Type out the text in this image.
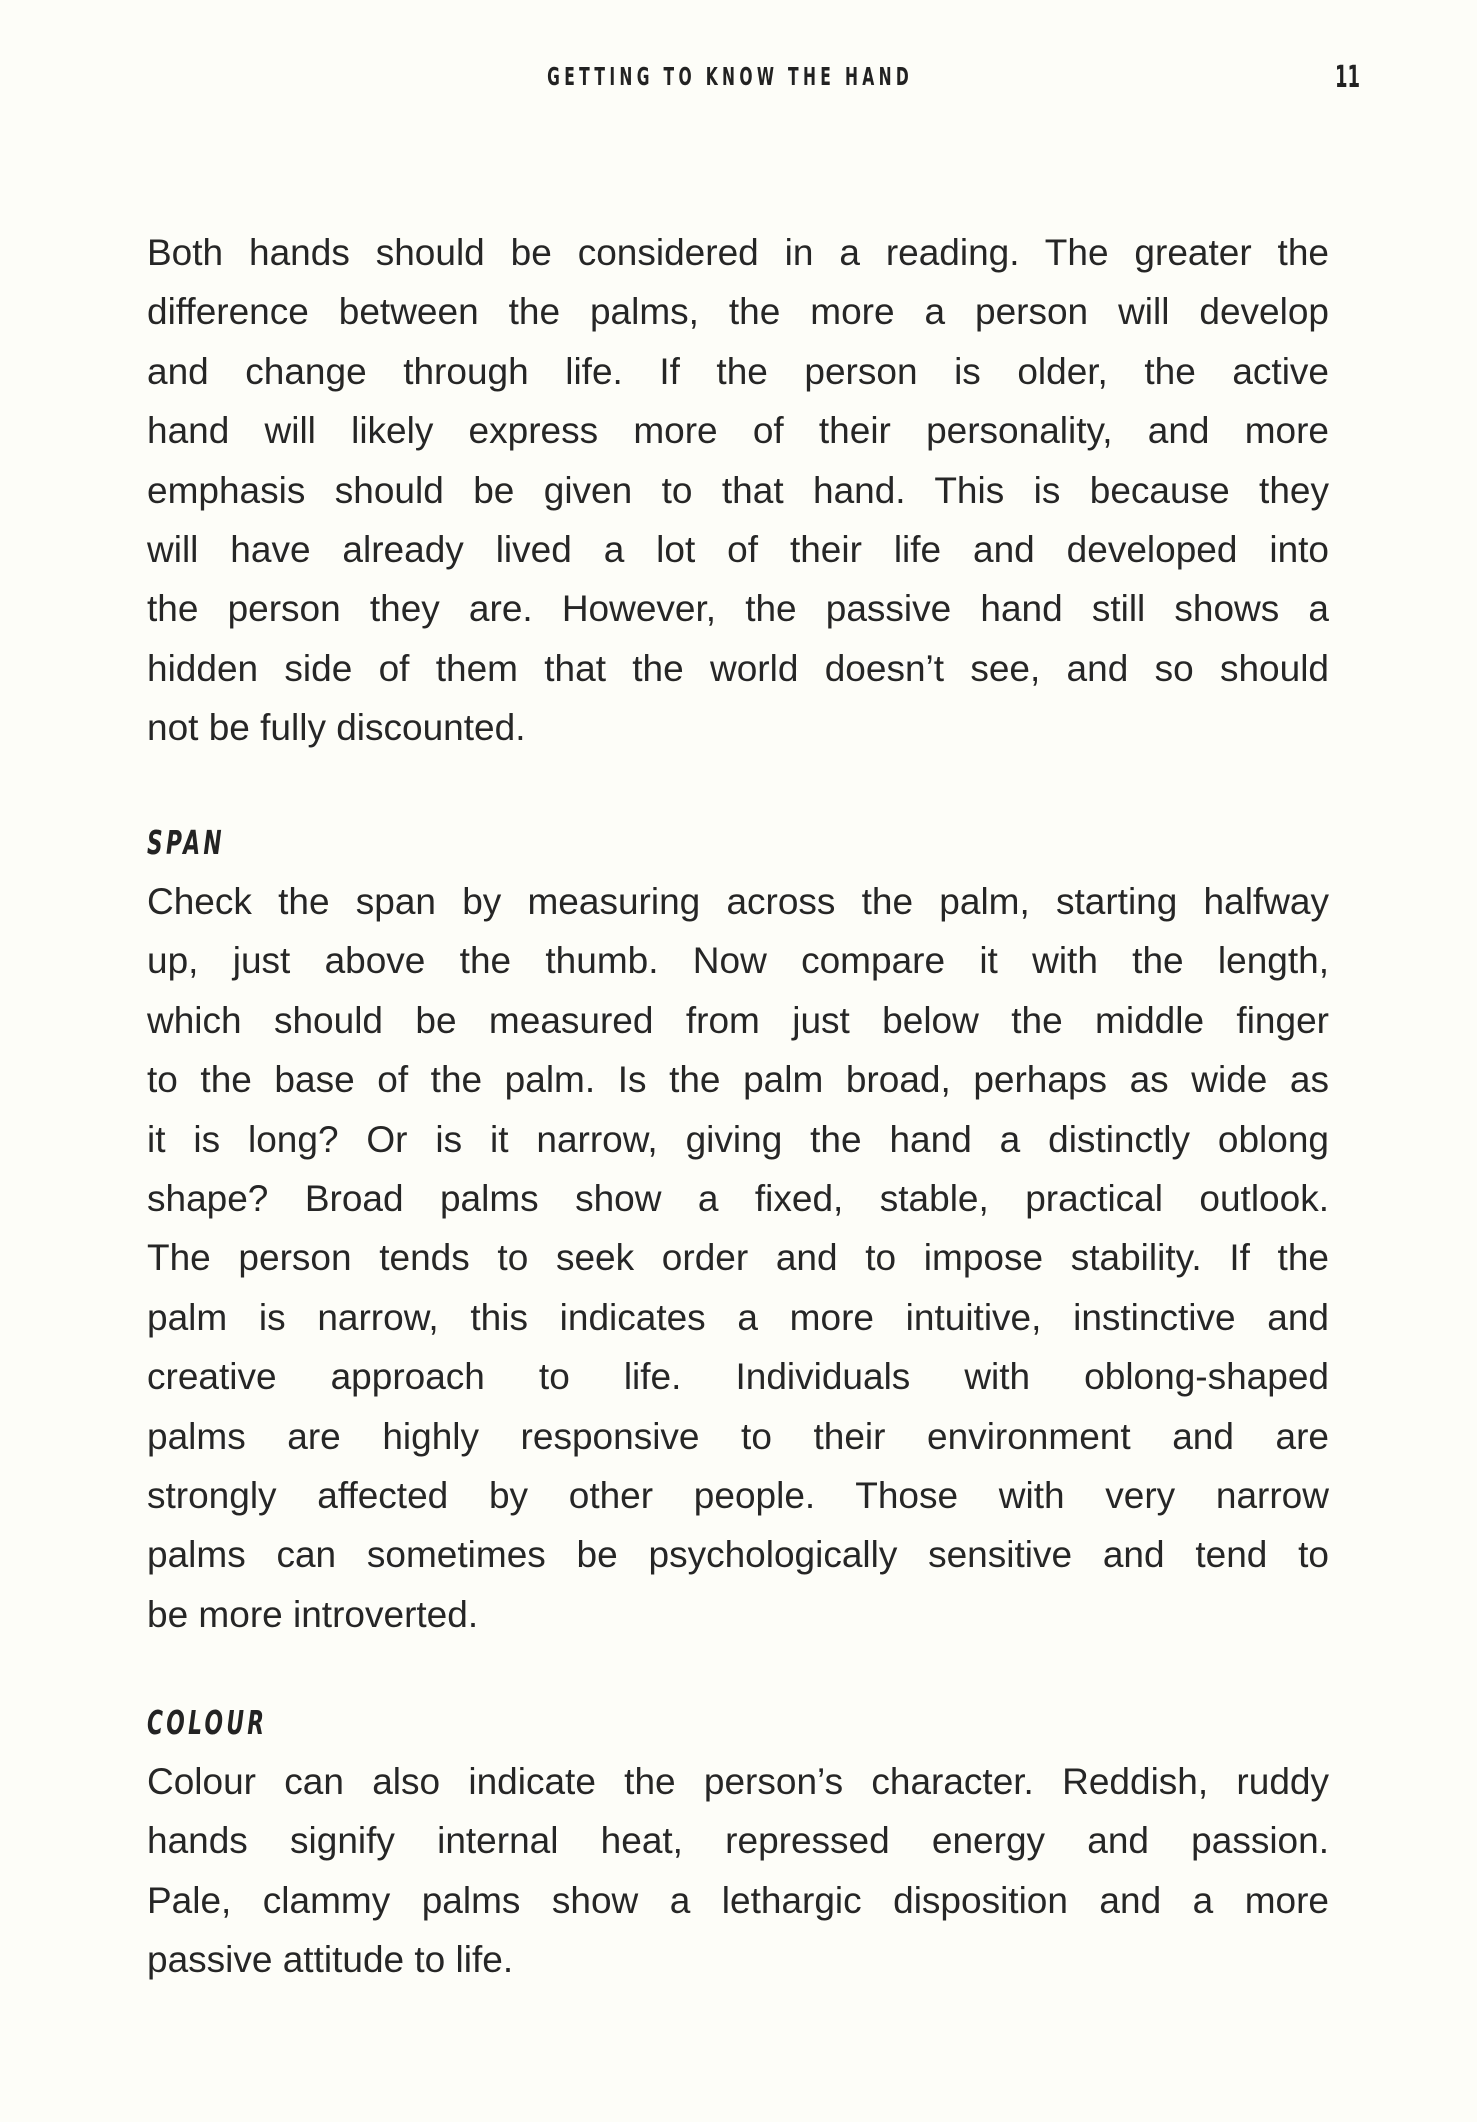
GETTING TO KNOW THE HAND	11
Both hands should be considered in a reading. The greater the
difference between the palms, the more a person will develop
and change through life. If the person is older, the active
hand will likely express more of their personality, and more
emphasis should be given to that hand. This is because they
will have already lived a lot of their life and developed into
the person they are. However, the passive hand still shows a
hidden side of them that the world doesn’t see, and so should
not be fully discounted.
SPAN
Check the span by measuring across the palm, starting halfway
up, just above the thumb. Now compare it with the length,
which should be measured from just below the middle finger
to the base of the palm. Is the palm broad, perhaps as wide as
it is long? Or is it narrow, giving the hand a distinctly oblong
shape? Broad palms show a fixed, stable, practical outlook.
The person tends to seek order and to impose stability. If the
palm is narrow, this indicates a more intuitive, instinctive and
creative approach to life. Individuals with oblong-shaped
palms are highly responsive to their environment and are
strongly affected by other people. Those with very narrow
palms can sometimes be psychologically sensitive and tend to
be more introverted.
COLOUR
Colour can also indicate the person’s character. Reddish, ruddy
hands signify internal heat, repressed energy and passion.
Pale, clammy palms show a lethargic disposition and a more
passive attitude to life.
